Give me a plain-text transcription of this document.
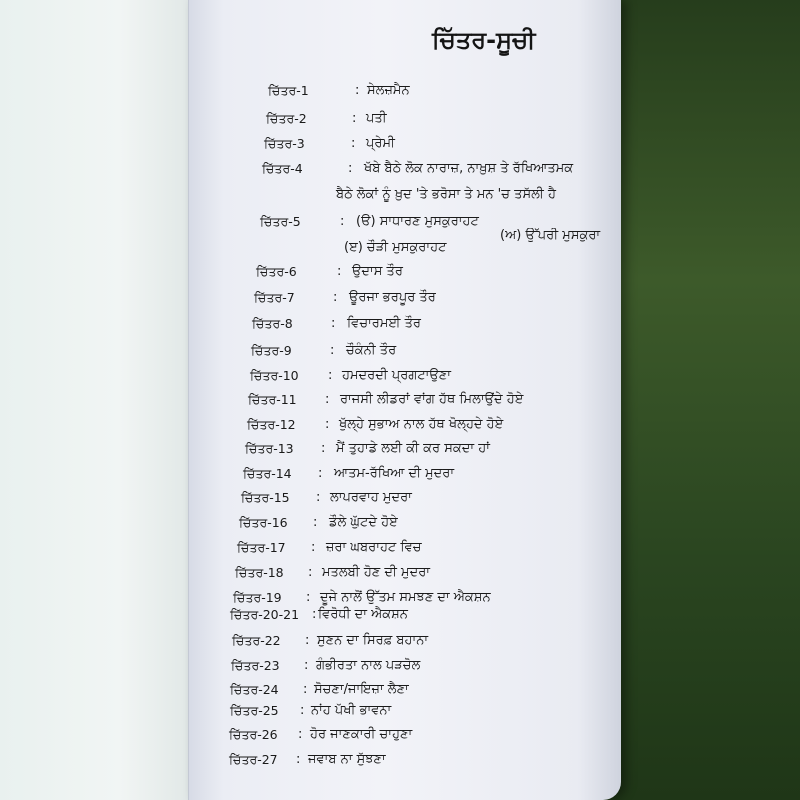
ਚਿੱਤਰ-ਸੂਚੀ
ਚਿੱਤਰ-1	: ਸੇਲਜ਼ਮੈਨ
ਚਿੱਤਰ-2	: ਪਤੀ
ਚਿੱਤਰ-3	: ਪ੍ਰੇਮੀ
ਚਿੱਤਰ-4	: ਖੱਬੇ ਬੈਠੇ ਲੋਕ ਨਾਰਾਜ਼, ਨਾਖ਼ੁਸ਼ ਤੇ ਰੱਖਿਆਤਮਕ
ਬੈਠੇ ਲੋਕਾਂ ਨੂੰ ਖ਼ੁਦ 'ਤੇ ਭਰੋਸਾ ਤੇ ਮਨ 'ਚ ਤਸੱਲੀ ਹੈ
ਚਿੱਤਰ-5	: (ੳ) ਸਾਧਾਰਣ ਮੁਸਕੁਰਾਹਟ
(ੲ) ਚੌੜੀ ਮੁਸਕੁਰਾਹਟ
(ਅ) ਉੱਪਰੀ ਮੁਸਕੁਰਾ
ਚਿੱਤਰ-6	: ਉਦਾਸ ਤੌਰ
ਚਿੱਤਰ-7	: ਊਰਜਾ ਭਰਪੂਰ ਤੌਰ
ਚਿੱਤਰ-8	: ਵਿਚਾਰਮਈ ਤੌਰ
ਚਿੱਤਰ-9	: ਚੌਕੰਨੀ ਤੌਰ
ਚਿੱਤਰ-10 : ਹਮਦਰਦੀ ਪ੍ਰਗਟਾਉਣਾ
ਚਿੱਤਰ-11 : ਰਾਜਸੀ ਲੀਡਰਾਂ ਵਾਂਗ ਹੱਥ ਮਿਲਾਉਂਦੇ ਹੋਏ
ਚਿੱਤਰ-12 : ਖੁੱਲ੍ਹੇ ਸੁਭਾਅ ਨਾਲ ਹੱਥ ਖੋਲ੍ਹਦੇ ਹੋਏ
ਚਿੱਤਰ-13 : ਮੈਂ ਤੁਹਾਡੇ ਲਈ ਕੀ ਕਰ ਸਕਦਾ ਹਾਂ
ਚਿੱਤਰ-14 : ਆਤਮ-ਰੱਖਿਆ ਦੀ ਮੁਦਰਾ
ਚਿੱਤਰ-15 : ਲਾਪਰਵਾਹ ਮੁਦਰਾ
ਚਿੱਤਰ-16 : ਡੌਲੇ ਘੁੱਟਦੇ ਹੋਏ
ਚਿੱਤਰ-17 : ਜ਼ਰਾ ਘਬਰਾਹਟ ਵਿਚ
ਚਿੱਤਰ-18 : ਮਤਲਬੀ ਹੋਣ ਦੀ ਮੁਦਰਾ
ਚਿੱਤਰ-19 : ਦੂਜੇ ਨਾਲੋਂ ਉੱਤਮ ਸਮਝਣ ਦਾ ਐਕਸ਼ਨ
ਚਿੱਤਰ-20-21 : ਵਿਰੋਧੀ ਦਾ ਐਕਸ਼ਨ
ਚਿੱਤਰ-22 : ਸੁਣਨ ਦਾ ਸਿਰਫ਼ ਬਹਾਨਾ
ਚਿੱਤਰ-23 : ਗੰਭੀਰਤਾ ਨਾਲ ਪੜਚੋਲ
ਚਿੱਤਰ-24 : ਸੋਚਣਾ/ਜਾਇਜ਼ਾ ਲੈਣਾ
ਚਿੱਤਰ-25 : ਨਾਂਹ ਪੱਖੀ ਭਾਵਨਾ
ਚਿੱਤਰ-26 : ਹੋਰ ਜਾਣਕਾਰੀ ਚਾਹੁਣਾ
ਚਿੱਤਰ-27 : ਜਵਾਬ ਨਾ ਸੁੱਝਣਾ
